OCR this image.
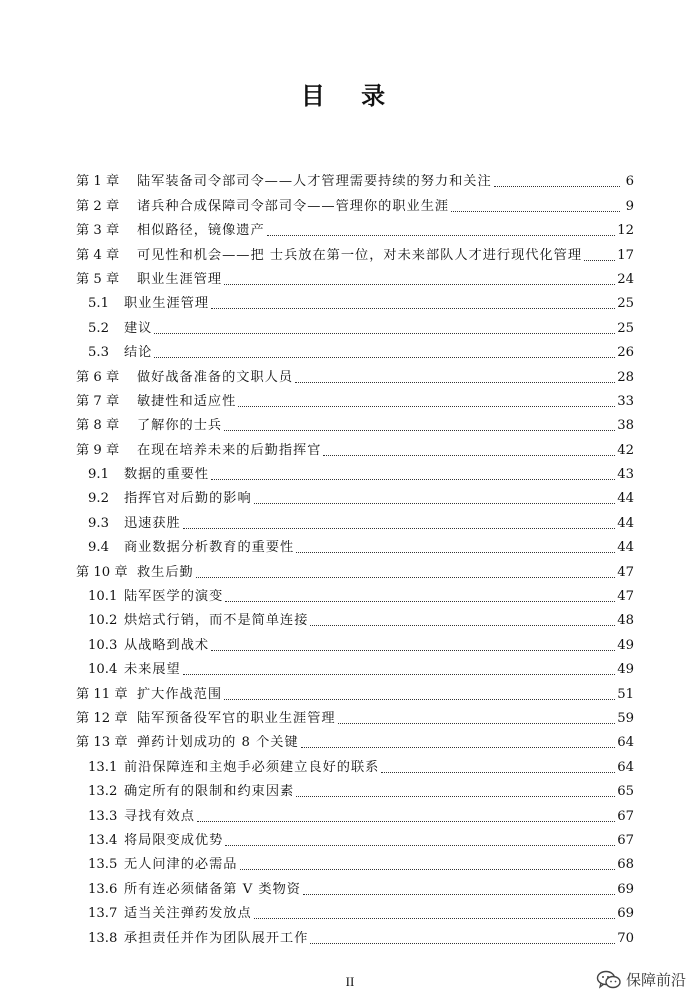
目 录
第 1 章	陆军装备司令部司令——人才管理需要持续的努力和关注	6
第 2 章	诸兵种合成保障司令部司令——管理你的职业生涯	9
第 3 章	相似路径，镜像遗产	12
第 4 章	可见性和机会——把 士兵放在第一位，对未来部队人才进行现代化管理	17
第 5 章	职业生涯管理	24
5.1	职业生涯管理	25
5.2	建议	25
5.3	结论	26
第 6 章	做好战备准备的文职人员	28
第 7 章	敏捷性和适应性	33
第 8 章	了解你的士兵	38
第 9 章	在现在培养未来的后勤指挥官	42
9.1	数据的重要性	43
9.2	指挥官对后勤的影响	44
9.3	迅速获胜	44
9.4	商业数据分析教育的重要性	44
第 10 章 救生后勤	47
10.1 陆军医学的演变	47
10.2 烘焙式行销，而不是简单连接	48
10.3 从战略到战术	49
10.4 未来展望	49
第 11 章 扩大作战范围	51
第 12 章 陆军预备役军官的职业生涯管理	59
第 13 章 弹药计划成功的 8 个关键	64
13.1 前沿保障连和主炮手必须建立良好的联系	64
13.2 确定所有的限制和约束因素	65
13.3 寻找有效点	67
13.4 将局限变成优势	67
13.5 无人问津的必需品	68
13.6 所有连必须储备第 V 类物资	69
13.7 适当关注弹药发放点	69
13.8 承担责任并作为团队展开工作	70
II	保障前沿
